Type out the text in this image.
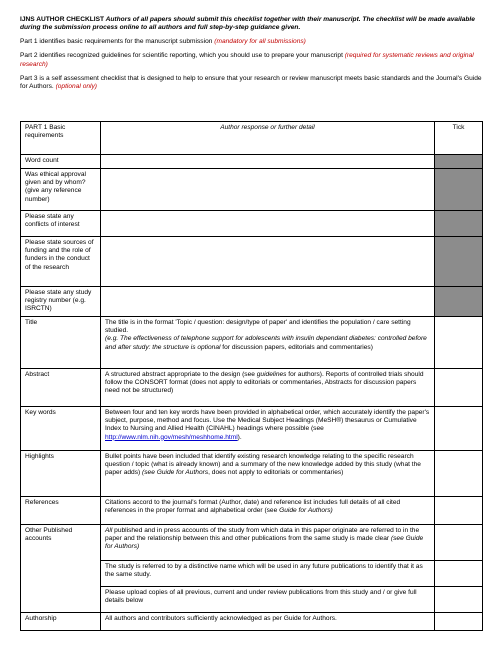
IJNS AUTHOR CHECKLIST Authors of all papers should submit this checklist together with their manuscript. The checklist will be made available during the submission process online to all authors and full step-by-step guidance given.

Part 1 identifies basic requirements for the manuscript submission (mandatory for all submissions)

Part 2 identifies recognized guidelines for scientific reporting, which you should use to prepare your manuscript (required for systematic reviews and original research)

Part 3 is a self assessment checklist that is designed to help to ensure that your research or review manuscript meets basic standards and the Journal's Guide for Authors. (optional only)

PART 1 Basic requirements	Author response or further detail	Tick
Word count		
Was ethical approval given and by whom? (give any reference number)		
Please state any conflicts of interest		
Please state sources of funding and the role of funders in the conduct of the research		
Please state any study registry number (e.g. ISRCTN)		
Title	The title is in the format 'Topic / question: design/type of paper' and identifies the population / care setting studied.
(e.g. The effectiveness of telephone support for adolescents with insulin dependant diabetes: controlled before and after study: the structure is optional for discussion papers, editorials and commentaries)	
Abstract	A structured abstract appropriate to the design (see guidelines for authors). Reports of controlled trials should follow the CONSORT format (does not apply to editorials or commentaries, Abstracts for discussion papers need not be structured)	
Key words	Between four and ten key words have been provided in alphabetical order, which accurately identify the paper's subject, purpose, method and focus. Use the Medical Subject Headings (MeSH®) thesaurus or Cumulative Index to Nursing and Allied Health (CINAHL) headings where possible (see http://www.nlm.nih.gov/mesh/meshhome.html).	
Highlights	Bullet points have been included that identify existing research knowledge relating to the specific research question / topic (what is already known) and a summary of the new knowledge added by this study (what the paper adds) (see Guide for Authors, does not apply to editorials or commentaries)	
References	Citations accord to the journal's format (Author, date) and reference list includes full details of all cited references in the proper format and alphabetical order (see Guide for Authors)	
Other Published accounts	All published and in press accounts of the study from which data in this paper originate are referred to in the paper and the relationship between this and other publications from the same study is made clear (see Guide for Authors)	
	The study is referred to by a distinctive name which will be used in any future publications to identify that it as the same study.	
	Please upload copies of all previous, current and under review publications from this study and / or give full details below	
Authorship	All authors and contributors sufficiently acknowledged as per Guide for Authors.	
